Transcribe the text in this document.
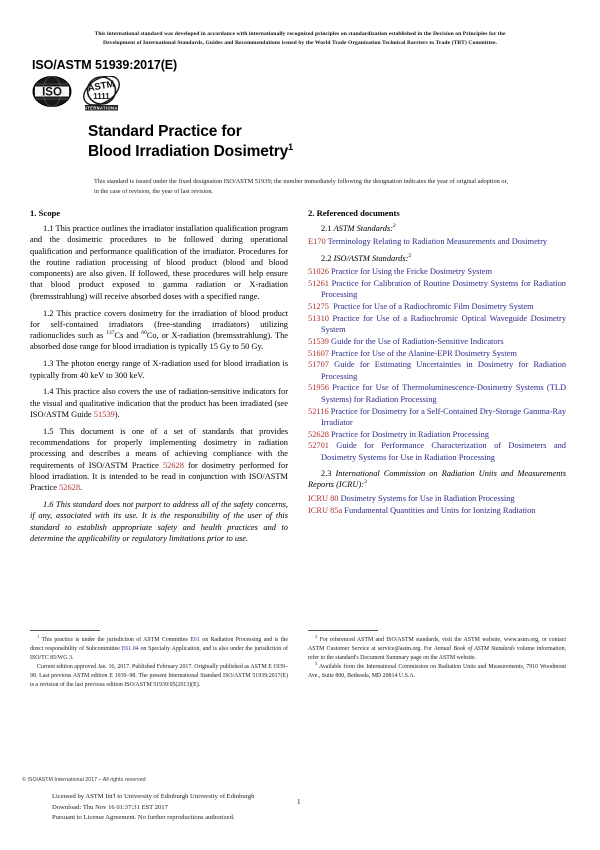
This international standard was developed in accordance with internationally recognized principles on standardization established in the Decision on Principles for the
Development of International Standards, Guides and Recommendations issued by the World Trade Organization Technical Barriers to Trade (TBT) Committee.
ISO/ASTM 51939:2017(E)
ISO	ASTM
1111
INTERNATIONAL
Standard Practice for
Blood Irradiation Dosimetry$^1$
This standard is issued under the fixed designation ISO/ASTM 51939; the number immediately following the designation indicates the year of original adoption or, in the case of revision, the year of last revision.
1. Scope

1.1 This practice outlines the irradiator installation qualification program and the dosimetric procedures to be followed during operational qualification and performance qualification of the irradiator. Procedures for the routine radiation processing of blood product (blood and blood components) are also given. If followed, these procedures will help ensure that blood product exposed to gamma radiation or X-radiation (bremsstrahlung) will receive absorbed doses with a specified range.

1.2 This practice covers dosimetry for the irradiation of blood product for self-contained irradiators (free-standing irradiators) utilizing radionuclides such as $^{137}$Cs and $^{60}$Co, or X-radiation (bremsstrahlung). The absorbed dose range for blood irradiation is typically 15 Gy to 50 Gy.

1.3 The photon energy range of X-radiation used for blood irradiation is typically from 40 keV to 300 keV.

1.4 This practice also covers the use of radiation-sensitive indicators for the visual and qualitative indication that the product has been irradiated (see ISO/ASTM Guide 51539).

1.5 This document is one of a set of standards that provides recommendations for properly implementing dosimetry in radiation processing and describes a means of achieving compliance with the requirements of ISO/ASTM Practice 52628 for dosimetry performed for blood irradiation. It is intended to be read in conjunction with ISO/ASTM Practice 52628.

1.6 This standard does not purport to address all of the safety concerns, if any, associated with its use. It is the responsibility of the user of this standard to establish appropriate safety and health practices and to determine the applicability or regulatory limitations prior to use.

2. Referenced documents
2.1 ASTM Standards:$^2$

E170 Terminology Relating to Radiation Measurements and Dosimetry

2.2 ISO/ASTM Standards:$^2$

51026 Practice for Using the Fricke Dosimetry System

51261 Practice for Calibration of Routine Dosimetry Systems for Radiation Processing

51275 Practice for Use of a Radiochromic Film Dosimetry System

51310 Practice for Use of a Radiochromic Optical Waveguide Dosimetry System

51539 Guide for the Use of Radiation-Sensitive Indicators

51607 Practice for Use of the Alanine-EPR Dosimetry System

51707 Guide for Estimating Uncertainties in Dosimetry for Radiation Processing

51956 Practice for Use of Thermoluminescence-Dosimetry Systems (TLD Systems) for Radiation Processing

52116 Practice for Dosimetry for a Self-Contained Dry-Storage Gamma-Ray Irradiator

52628 Practice for Dosimetry in Radiation Processing

52701 Guide for Performance Characterization of Dosimeters and Dosimetry Systems for Use in Radiation Processing

2.3 International Commission on Radiation Units and Measurements Reports (ICRU):$^3$

ICRU 80 Dosimetry Systems for Use in Radiation Processing

ICRU 85a Fundamental Quantities and Units for Ionizing Radiation

$^1$ This practice is under the jurisdiction of ASTM Committee E61 on Radiation Processing and is the direct responsibility of Subcommittee E61.04 on Specialty Application, and is also under the jurisdiction of ISO/TC 85/WG 3.

Current edition approved Jan. 16, 2017. Published February 2017. Originally published as ASTM E 1939–98. Last previous ASTM edition E 1939–98. The present International Standard ISO/ASTM 51939:2017(E) is a revision of the last previous edition ISO/ASTM 51939:05(2013)(E).

$^2$ For referenced ASTM and ISO/ASTM standards, visit the ASTM website, www.astm.org, or contact ASTM Customer Service at service@astm.org. For Annual Book of ASTM Standards volume information, refer to the standard's Document Summary page on the ASTM website.

$^3$ Available from the International Commission on Radiation Units and Measurements, 7910 Woodmont Ave., Suite 800, Bethesda, MD 20814 U.S.A.

© ISO/ASTM International 2017 – All rights reserved
Licensed by ASTM Int'l to University of Edinburgh University of Edinburgh
Download: Thu Nov 16 01:37:31 EST 2017
Pursuant to License Agreement. No further reproductions authorized.
1
